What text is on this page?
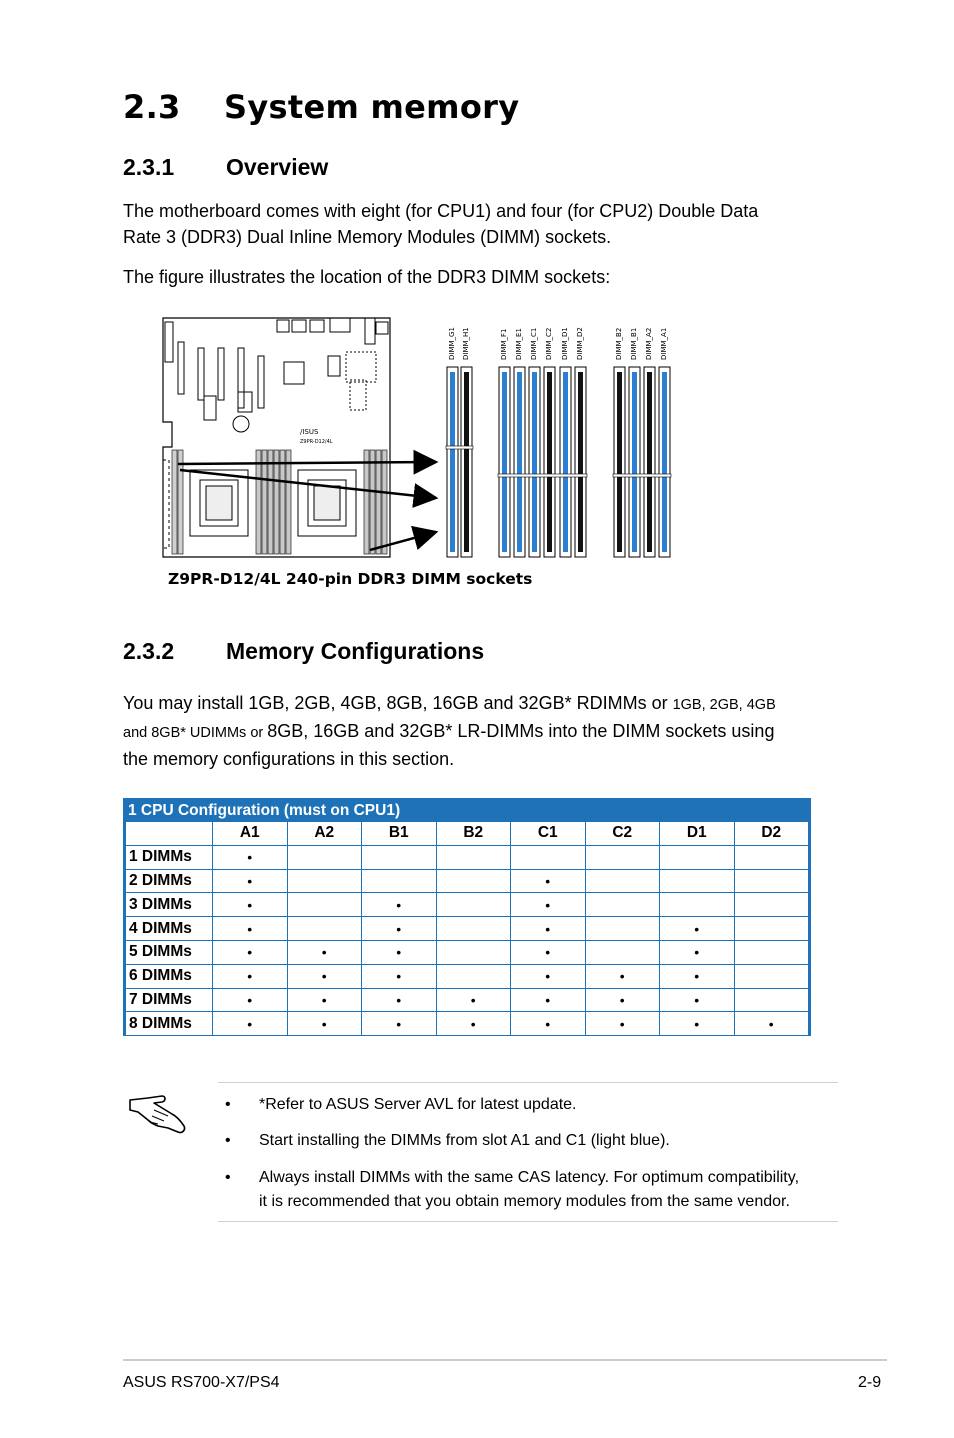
2.3 System memory
2.3.1 Overview
The motherboard comes with eight (for CPU1) and four (for CPU2) Double Data
Rate 3 (DDR3) Dual Inline Memory Modules (DIMM) sockets.
The figure illustrates the location of the DDR3 DIMM sockets:
/ISUS
Z9PR-D12/4L
DIMM_G1 DIMM_H1	DIMM_F1 DIMM_E1 DIMM_C1 DIMM_C2 DIMM_D1 DIMM_D2	DIMM_B2 DIMM_B1 DIMM_A2 DIMM_A1
Z9PR-D12/4L 240-pin DDR3 DIMM sockets
2.3.2 Memory Configurations
You may install 1GB, 2GB, 4GB, 8GB, 16GB and 32GB* RDIMMs or 1GB, 2GB, 4GB
and 8GB* UDIMMs or 8GB, 16GB and 32GB* LR-DIMMs into the DIMM sockets using
the memory configurations in this section.
1 CPU Configuration (must on CPU1)
	A1	A2	B1	B2	C1	C2	D1	D2
1 DIMMs	•							
2 DIMMs	•				•			
3 DIMMs	•		•		•			
4 DIMMs	•		•		•		•	
5 DIMMs	•	•	•		•		•	
6 DIMMs	•	•	•		•	•	•	
7 DIMMs	•	•	•	•	•	•	•	
8 DIMMs	•	•	•	•	•	•	•	•
• *Refer to ASUS Server AVL for latest update.
• Start installing the DIMMs from slot A1 and C1 (light blue).
• Always install DIMMs with the same CAS latency. For optimum compatibility,
it is recommended that you obtain memory modules from the same vendor.
ASUS RS700-X7/PS4	2-9
